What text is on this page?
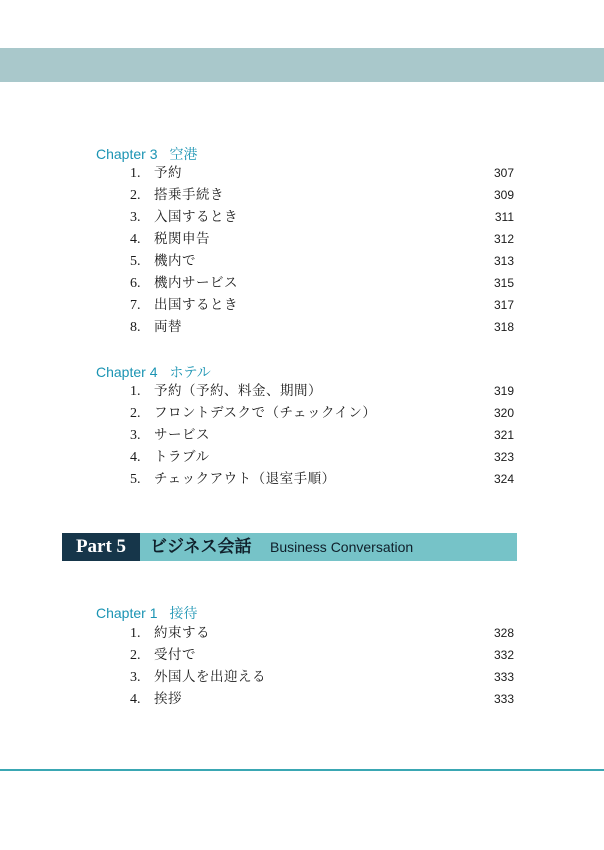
Chapter 3 空港
1. 予約	307
2. 搭乗手続き	309
3. 入国するとき	311
4. 税関申告	312
5. 機内で	313
6. 機内サービス	315
7. 出国するとき	317
8. 両替	318
Chapter 4 ホテル
1. 予約（予約、料金、期間）	319
2. フロントデスクで（チェックイン）	320
3. サービス	321
4. トラブル	323
5. チェックアウト（退室手順）	324
Part 5	ビジネス会話 Business Conversation
Chapter 1 接待
1. 約束する	328
2. 受付で	332
3. 外国人を出迎える	333
4. 挨拶	333
